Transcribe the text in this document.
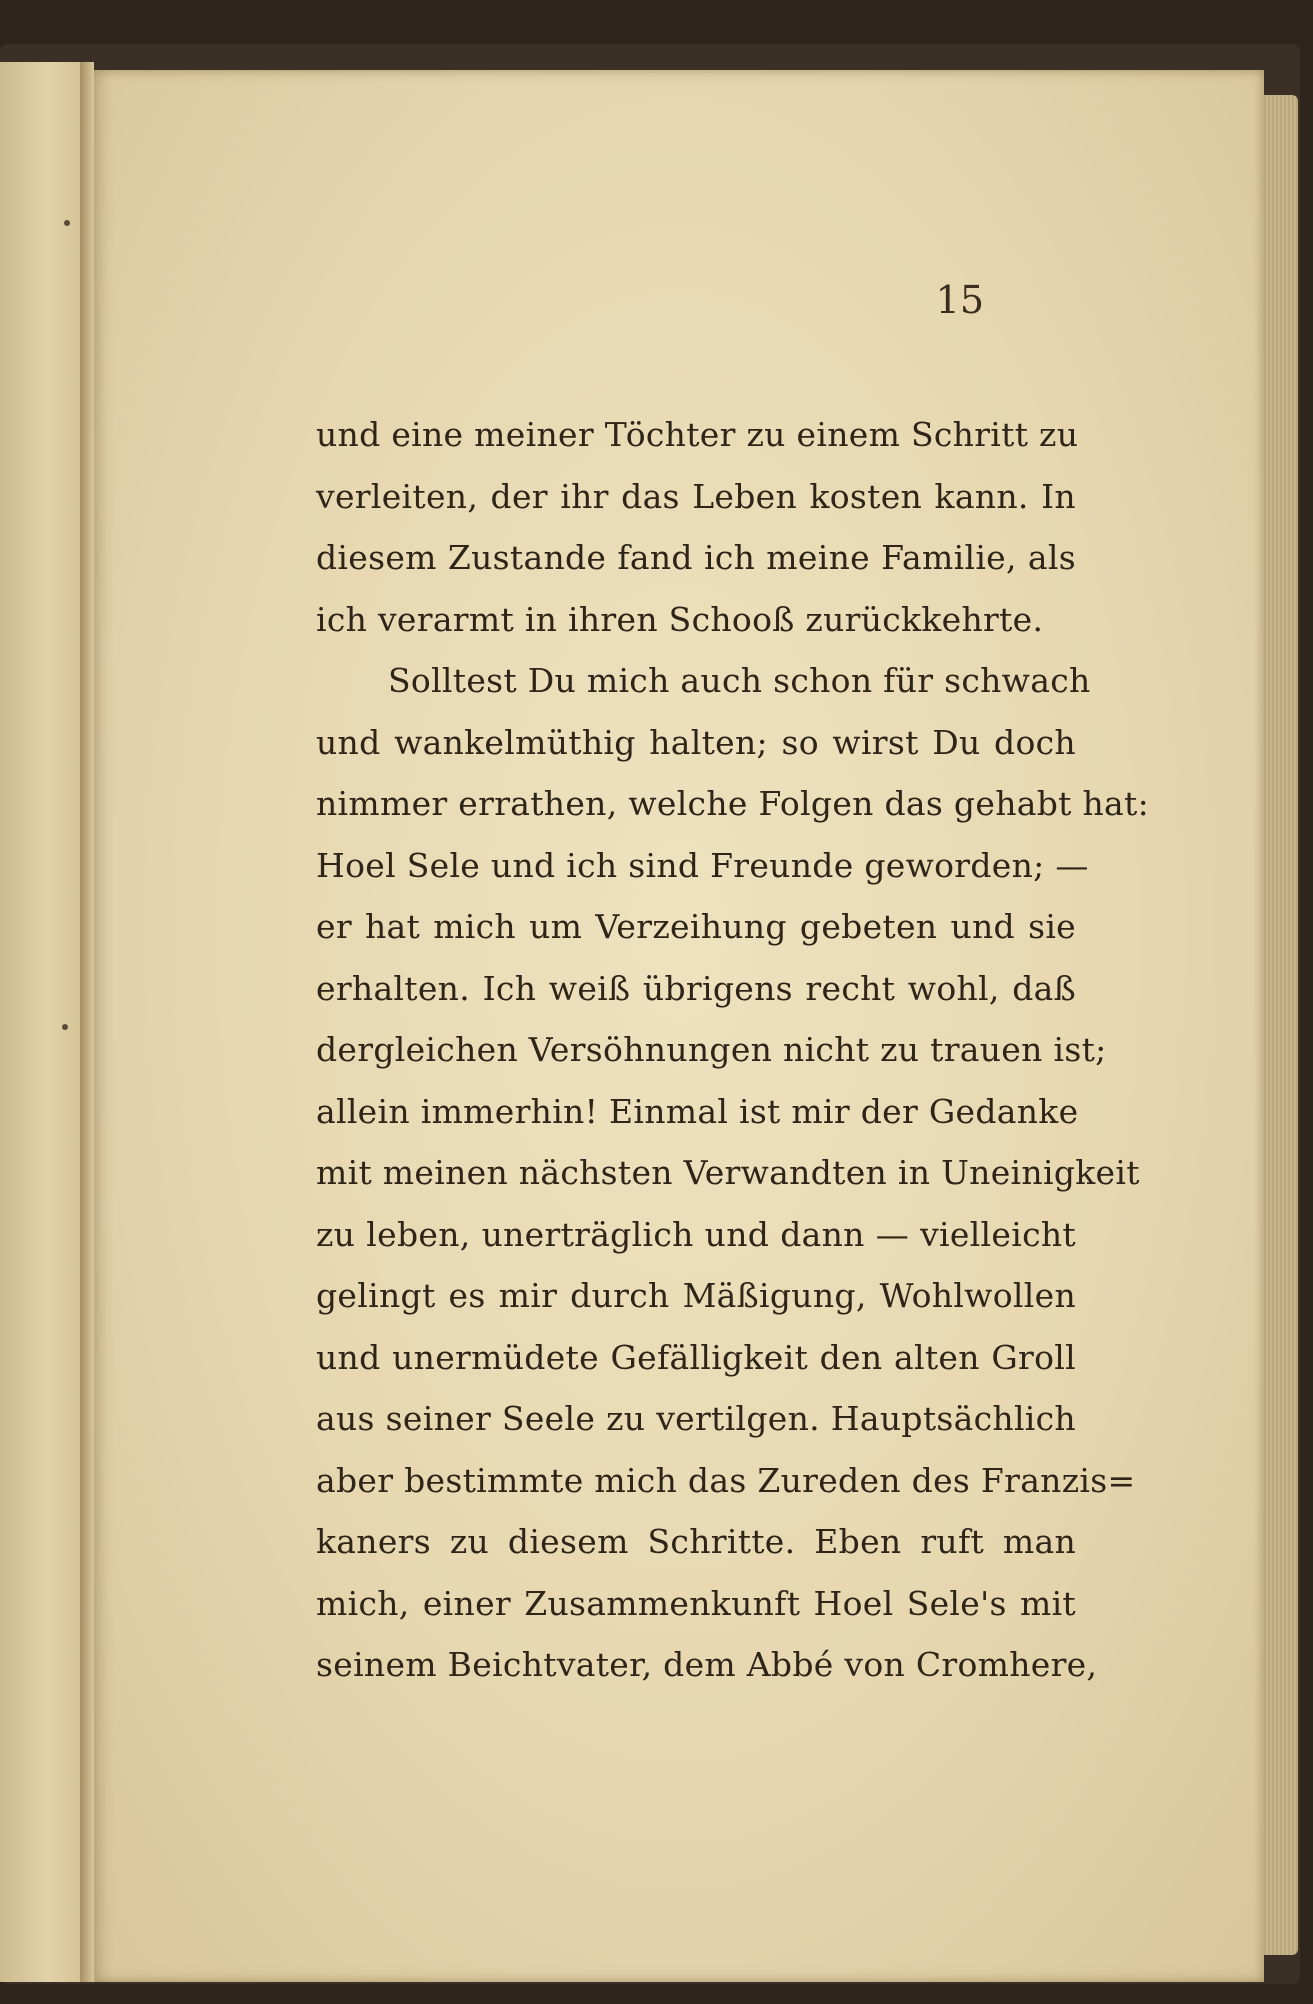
15
und eine meiner Töchter zu einem Schritt zu
verleiten, der ihr das Leben kosten kann. In
diesem Zustande fand ich meine Familie, als
ich verarmt in ihren Schooß zurückkehrte.
Solltest Du mich auch schon für schwach
und wankelmüthig halten; so wirst Du doch
nimmer errathen, welche Folgen das gehabt hat:
Hoel Sele und ich sind Freunde geworden; —
er hat mich um Verzeihung gebeten und sie
erhalten. Ich weiß übrigens recht wohl, daß
dergleichen Versöhnungen nicht zu trauen ist;
allein immerhin! Einmal ist mir der Gedanke
mit meinen nächsten Verwandten in Uneinigkeit
zu leben, unerträglich und dann — vielleicht
gelingt es mir durch Mäßigung, Wohlwollen
und unermüdete Gefälligkeit den alten Groll
aus seiner Seele zu vertilgen. Hauptsächlich
aber bestimmte mich das Zureden des Franzis=
kaners zu diesem Schritte. Eben ruft man
mich, einer Zusammenkunft Hoel Sele's mit
seinem Beichtvater, dem Abbé von Cromhere,
